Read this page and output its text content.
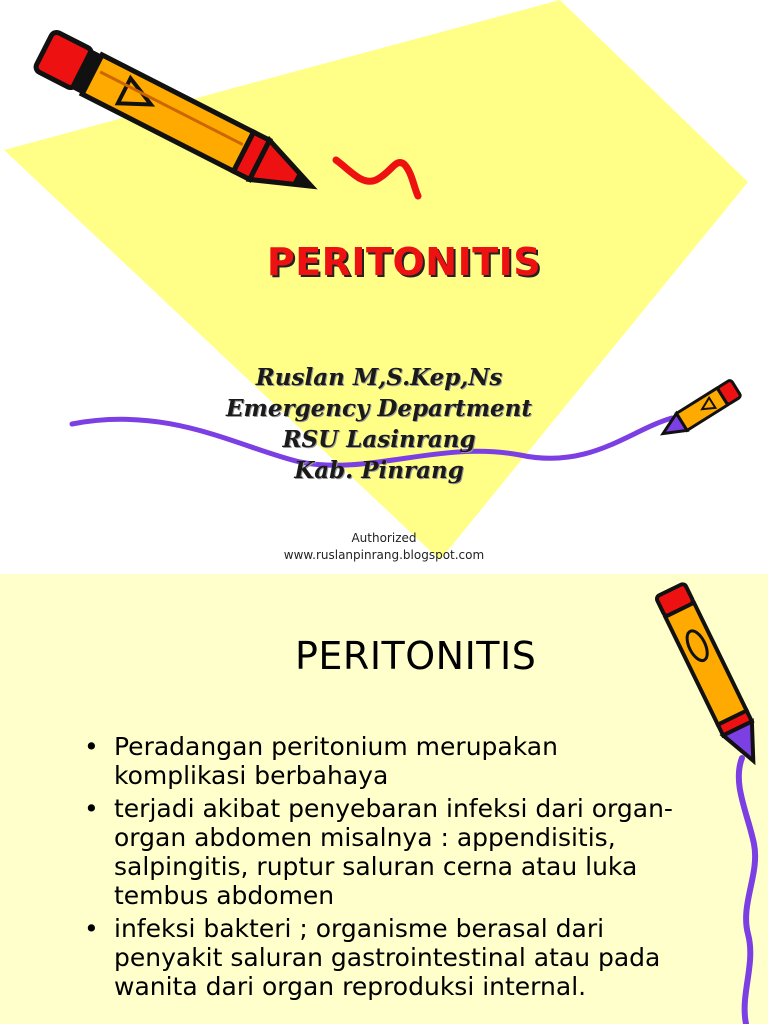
PERITONITIS
Ruslan M,S.Kep,Ns
Emergency Department
RSU Lasinrang
Kab. Pinrang
Authorized
www.ruslanpinrang.blogspot.com
PERITONITIS
• Peradangan peritonium merupakan komplikasi berbahaya
• terjadi akibat penyebaran infeksi dari organ-organ abdomen misalnya : appendisitis, salpingitis, ruptur saluran cerna atau luka tembus abdomen
• infeksi bakteri ; organisme berasal dari penyakit saluran gastrointestinal atau pada wanita dari organ reproduksi internal.
